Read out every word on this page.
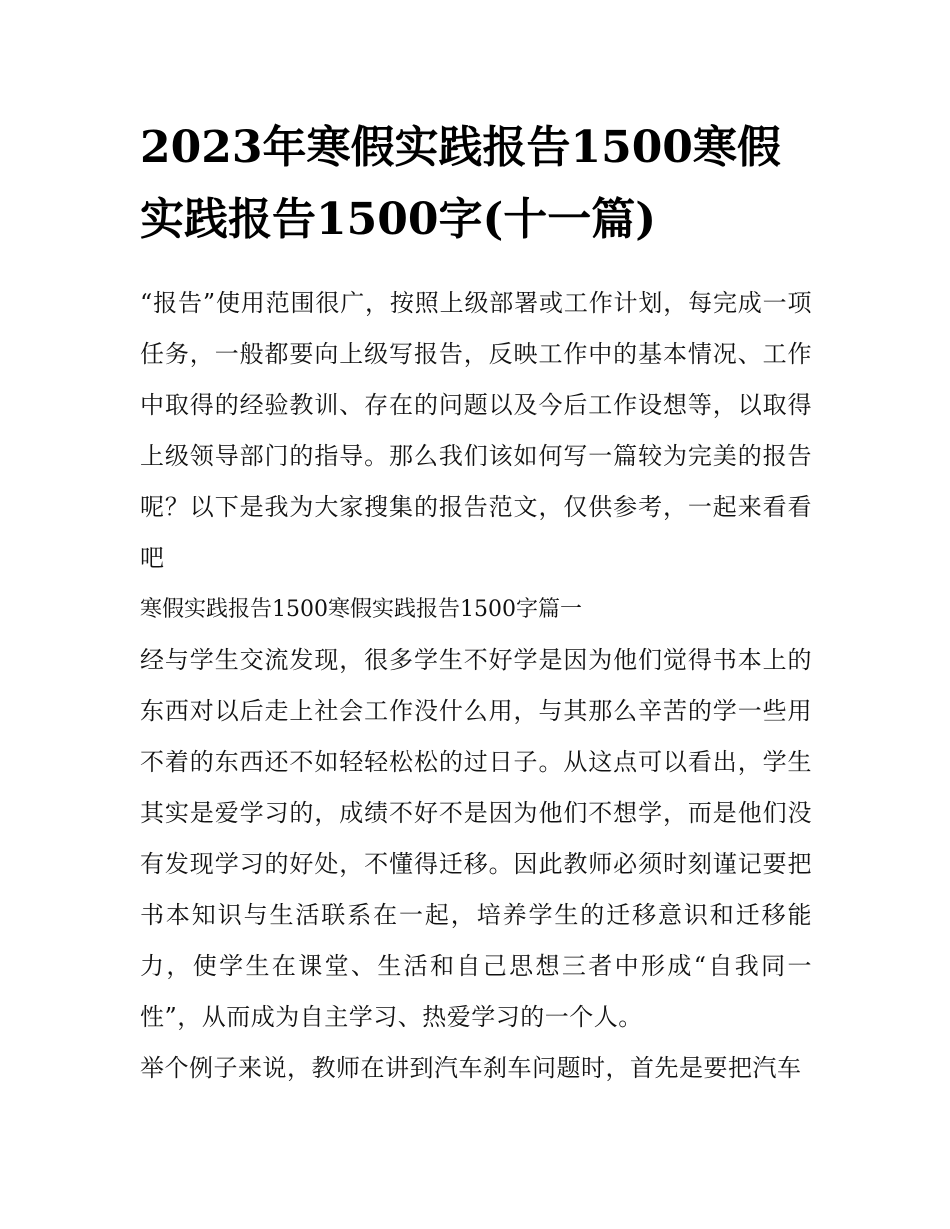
2023年寒假实践报告1500寒假实践报告1500字(十一篇)

“报告”使用范围很广，按照上级部署或工作计划，每完成一项任务，一般都要向上级写报告，反映工作中的基本情况、工作中取得的经验教训、存在的问题以及今后工作设想等，以取得上级领导部门的指导。那么我们该如何写一篇较为完美的报告呢？以下是我为大家搜集的报告范文，仅供参考，一起来看看吧

寒假实践报告1500寒假实践报告1500字篇一

经与学生交流发现，很多学生不好学是因为他们觉得书本上的东西对以后走上社会工作没什么用，与其那么辛苦的学一些用不着的东西还不如轻轻松松的过日子。从这点可以看出，学生其实是爱学习的，成绩不好不是因为他们不想学，而是他们没有发现学习的好处，不懂得迁移。因此教师必须时刻谨记要把书本知识与生活联系在一起，培养学生的迁移意识和迁移能力，使学生在课堂、生活和自己思想三者中形成“自我同一性”，从而成为自主学习、热爱学习的一个人。

举个例子来说，教师在讲到汽车刹车问题时，首先是要把汽车
